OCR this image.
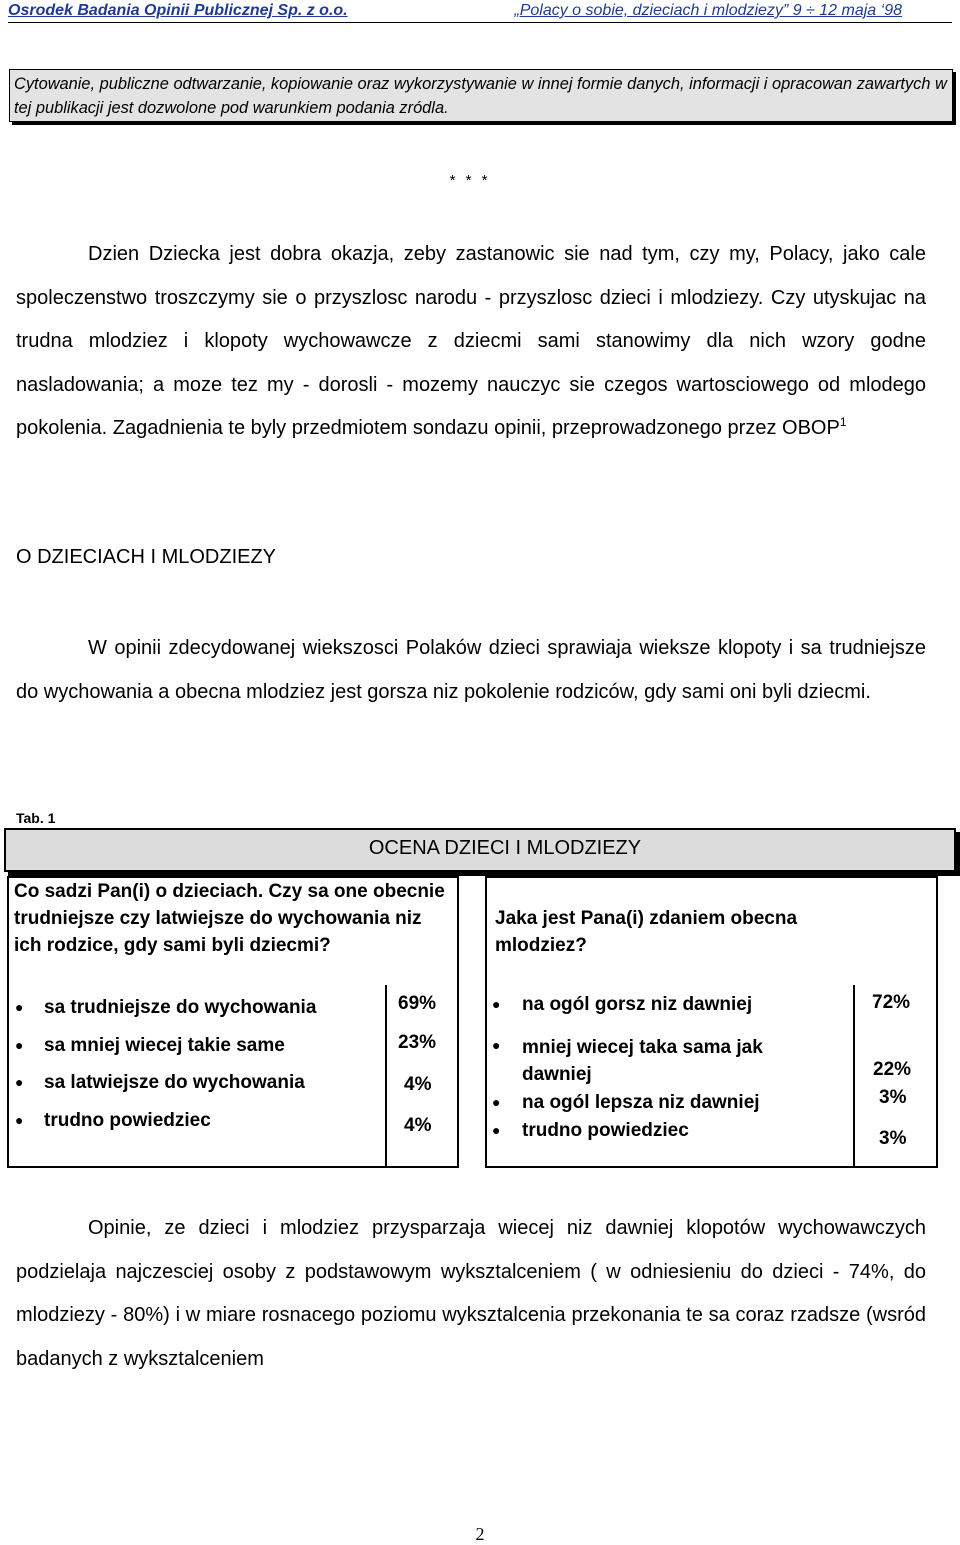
Osrodek Badania Opinii Publicznej Sp. z o.o.	„Polacy o sobie, dzieciach i mlodziezy” 9 ÷ 12 maja ‘98
Cytowanie, publiczne odtwarzanie, kopiowanie oraz wykorzystywanie w innej formie danych, informacji i opracowan zawartych w tej publikacji jest dozwolone pod warunkiem podania zródla.
* * *
Dzien Dziecka jest dobra okazja, zeby zastanowic sie nad tym, czy my, Polacy, jako cale spoleczenstwo troszczymy sie o przyszlosc narodu - przyszlosc dzieci i mlodziezy. Czy utyskujac na trudna mlodziez i klopoty wychowawcze z dziecmi sami stanowimy dla nich wzory godne nasladowania; a moze tez my - dorosli - mozemy nauczyc sie czegos wartosciowego od mlodego pokolenia. Zagadnienia te byly przedmiotem sondazu opinii, przeprowadzonego przez OBOP$^1$
O DZIECIACH I MLODZIEZY
W opinii zdecydowanej wiekszosci Polaków dzieci sprawiaja wieksze klopoty i sa trudniejsze do wychowania a obecna mlodziez jest gorsza niz pokolenie rodziców, gdy sami oni byli dziecmi.
Tab. 1
OCENA DZIECI I MLODZIEZY
Co sadzi Pan(i) o dzieciach. Czy sa one obecnie trudniejsze czy latwiejsze do wychowania niz ich rodzice, gdy sami byli dziecmi?
● sa trudniejsze do wychowania	69%
● sa mniej wiecej takie same	23%
● sa latwiejsze do wychowania	4%
● trudno powiedziec	4%
Jaka jest Pana(i) zdaniem obecna mlodziez?
● na ogól gorsz niz dawniej	72%
● mniej wiecej taka sama jak dawniej	22%
● na ogól lepsza niz dawniej	3%
● trudno powiedziec	3%
Opinie, ze dzieci i mlodziez przysparzaja wiecej niz dawniej klopotów wychowawczych podzielaja najczesciej osoby z podstawowym wyksztalceniem ( w odniesieniu do dzieci - 74%, do mlodziezy - 80%) i w miare rosnacego poziomu wyksztalcenia przekonania te sa coraz rzadsze (wsród badanych z wyksztalceniem
2
